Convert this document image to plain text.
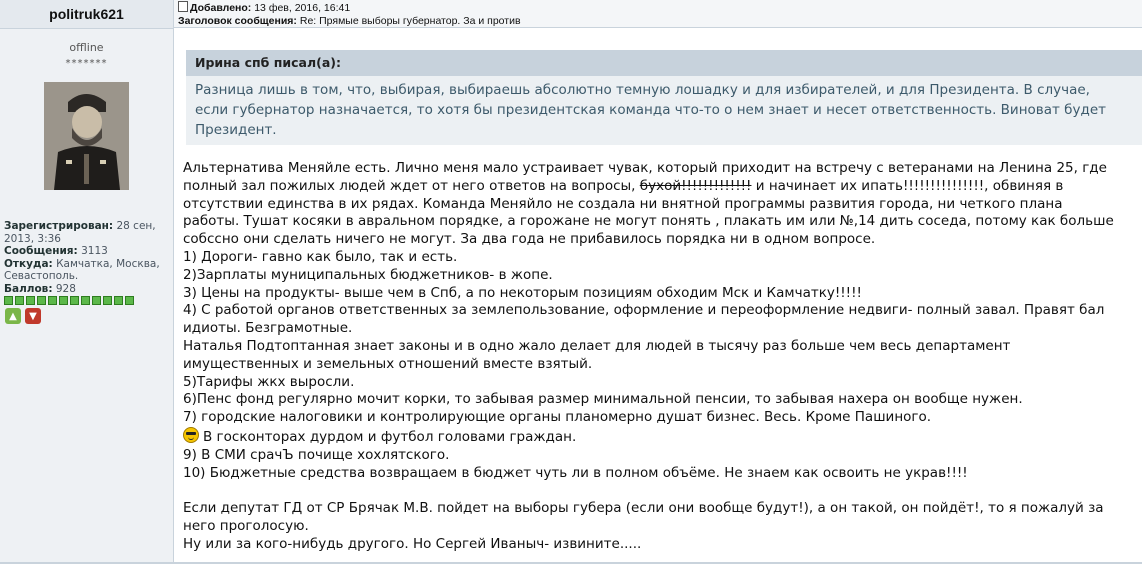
politruk621
offline
*******
Зарегистрирован: 28 сен, 2013, 3:36
Сообщения: 3113
Откуда: Камчатка, Москва, Севастополь.
Баллов: 928
▲	▼
Добавлено: 13 фев, 2016, 16:41
Заголовок сообщения: Re: Прямые выборы губернатор. За и против
Ирина спб писал(а):
Разница лишь в том, что, выбирая, выбираешь абсолютно темную лошадку и для избирателей, и для Президента. В случае,
если губернатор назначается, то хотя бы президентская команда что-то о нем знает и несет ответственность. Виноват будет
Президент.

Альтернатива Меняйле есть. Лично меня мало устраивает чувак, который приходит на встречу с ветеранами на Ленина 25, где

полный зал пожилых людей ждет от него ответов на вопросы, бухой!!!!!!!!!!!!! и начинает их ипать!!!!!!!!!!!!!!!, обвиняя в

отсутствии единства в их рядах. Команда Меняйло не создала ни внятной программы развития города, ни четкого плана

работы. Тушат косяки в авральном порядке, а горожане не могут понять , плакать им или №,14 дить соседа, потому как больше

собссно они сделать ничего не могут. За два года не прибавилось порядка ни в одном вопросе.

1) Дороги- гавно как было, так и есть.

2)Зарплаты муниципальных бюджетников- в жопе.

3) Цены на продукты- выше чем в Спб, а по некоторым позициям обходим Мск и Камчатку!!!!!

4) С работой органов ответственных за землепользование, оформление и переоформление недвиги- полный завал. Правят бал

идиоты. Безграмотные.

Наталья Подтоптанная знает законы и в одно жало делает для людей в тысячу раз больше чем весь департамент

имущественных и земельных отношений вместе взятый.

5)Тарифы жкх выросли.

6)Пенс фонд регулярно мочит корки, то забывая размер минимальной пенсии, то забывая нахера он вообще нужен.

7) городские налоговики и контролирующие органы планомерно душат бизнес. Весь. Кроме Пашиного.

В госконторах дурдом и футбол головами граждан.

9) В СМИ срачЪ почище хохлятского.

10) Бюджетные средства возвращаем в бюджет чуть ли в полном объёме. Не знаем как освоить не украв!!!!

Если депутат ГД от СР Брячак М.В. пойдет на выборы губера (если они вообще будут!), а он такой, он пойдёт!, то я пожалуй за

него проголосую.

Ну или за кого-нибудь другого. Но Сергей Иваныч- извините.....
